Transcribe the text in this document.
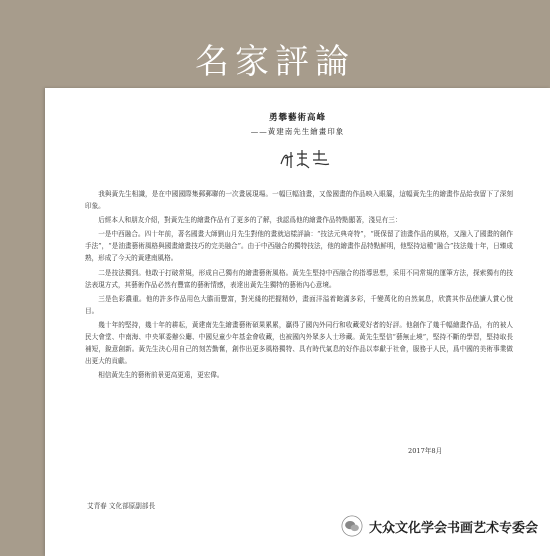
名家評論
勇攀藝術高峰
——黃建南先生繪畫印象

我與黃先生相識，是在中國國際集郵郵聯的一次畫展現場。一幅巨幅油畫，又像國畫的作品映入眼簾，這幅黃先生的繪畫作品給我留下了深刻印象。

后經本人和朋友介紹，對黃先生的繪畫作品有了更多的了解，我認爲他的繪畫作品特點顯著，淺見有三：

一是中西融合。四十年前，著名國畫大師劉山月先生對他的畫就這樣評論：“技法元典奇特”，“既保留了油畫作品的風格，又融入了國畫的創作手法”，“是油畫藝術風格與國畫繪畫技巧的完美融合”。由于中西融合的獨特技法，他的繪畫作品特點鮮明，他堅持這種“融合”技法幾十年，日臻成熟，形成了今天的黃建南風格。

二是技法獨到。他敢于打破常規，形成自己獨有的繪畫藝術風格。黃先生堅持中西融合的指導思想，采用不同常規的運筆方法，探索獨有的技法表現方式，其藝術作品必然有豐富的藝術情感，表達出黃先生獨特的藝術內心意境。

三是色彩濃重。他的許多作品用色大膽而豐富，對光綫的把握精妙，畫面洋溢着飽滿多彩，千變萬化的自然氣息，欣賞其作品使讀人賞心悅目。

幾十年的堅持，幾十年的耕耘，黃建南先生繪畫藝術碩果累累，贏得了國內外同行和收藏愛好者的好評。他創作了幾千幅繪畫作品，有的被人民大會堂、中南海、中央軍委辦公廳、中國兒童少年基金會收藏，也被國內外眾多人士珍藏。黃先生堅信“藝無止境”，堅持不斷的學習，堅持取長補短，銳意創新。黃先生決心用自己的刻苦勤奮，創作出更多風格獨特、具有時代氣息的好作品以奉獻于社會，服務于人民，爲中國的美術事業做出更大的貢獻。

相信黃先生的藝術前景更高更遠，更宏偉。

2017年8月
艾青春 文化部原副部長
大众文化学会书画艺术专委会
